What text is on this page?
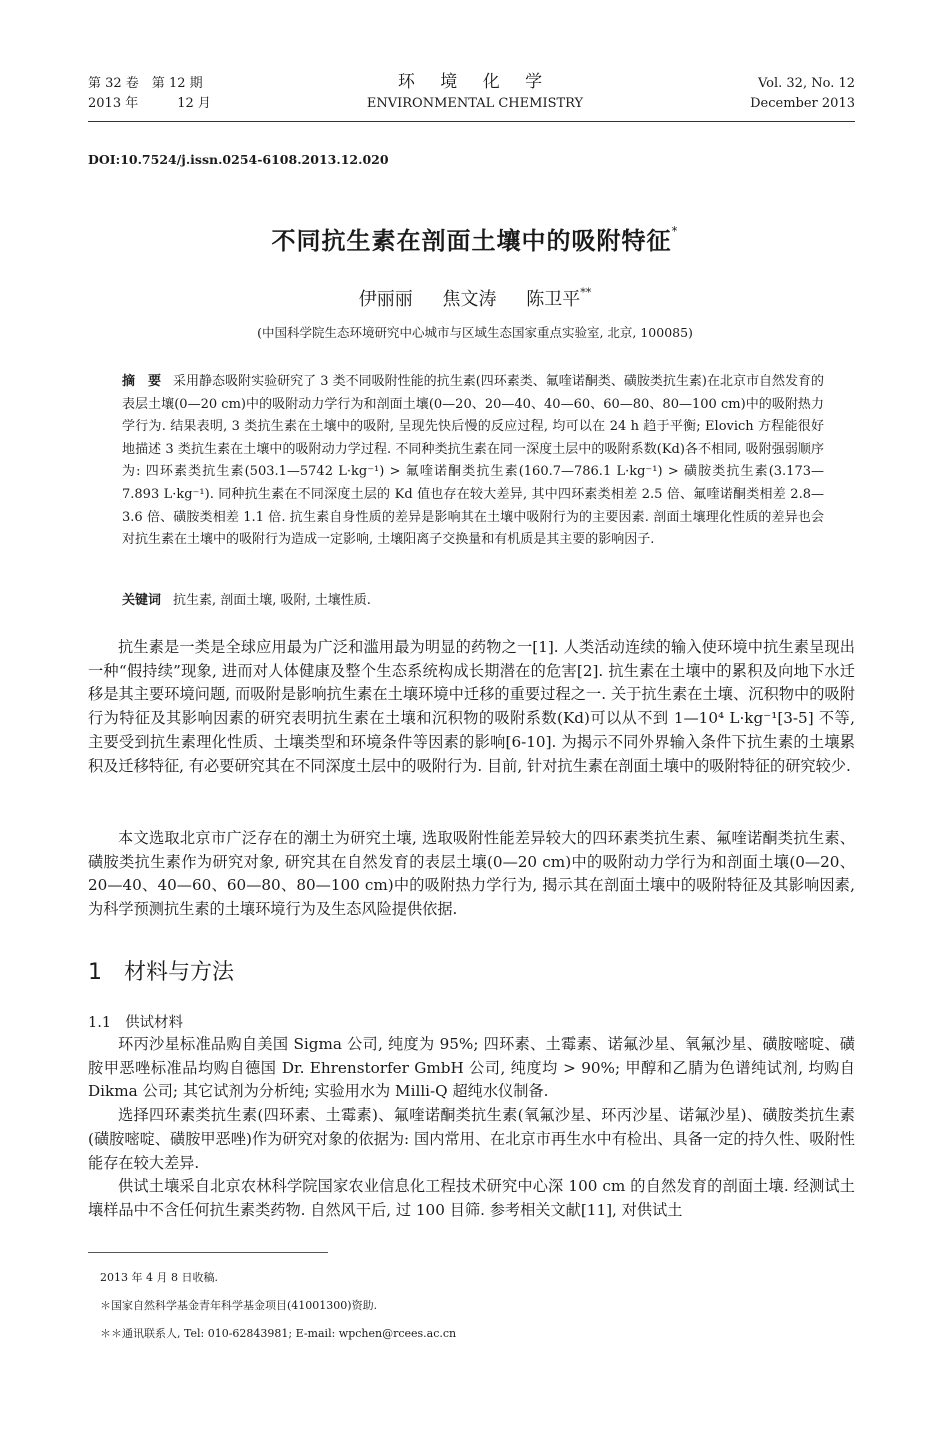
第 32 卷　第 12 期
2013 年　　　12 月
环 境 化 学
ENVIRONMENTAL CHEMISTRY
Vol. 32, No. 12
December 2013
DOI:10.7524/j.issn.0254-6108.2013.12.020
不同抗生素在剖面土壤中的吸附特征*
伊丽丽 焦文涛 陈卫平**
(中国科学院生态环境研究中心城市与区域生态国家重点实验室, 北京, 100085)
摘　要 采用静态吸附实验研究了 3 类不同吸附性能的抗生素(四环素类、氟喹诺酮类、磺胺类抗生素)在北京市自然发育的表层土壤(0—20 cm)中的吸附动力学行为和剖面土壤(0—20、20—40、40—60、60—80、80—100 cm)中的吸附热力学行为. 结果表明, 3 类抗生素在土壤中的吸附, 呈现先快后慢的反应过程, 均可以在 24 h 趋于平衡; Elovich 方程能很好地描述 3 类抗生素在土壤中的吸附动力学过程. 不同种类抗生素在同一深度土层中的吸附系数(Kd)各不相同, 吸附强弱顺序为: 四环素类抗生素(503.1—5742 L·kg⁻¹) > 氟喹诺酮类抗生素(160.7—786.1 L·kg⁻¹) > 磺胺类抗生素(3.173—7.893 L·kg⁻¹). 同种抗生素在不同深度土层的 Kd 值也存在较大差异, 其中四环素类相差 2.5 倍、氟喹诺酮类相差 2.8—3.6 倍、磺胺类相差 1.1 倍. 抗生素自身性质的差异是影响其在土壤中吸附行为的主要因素. 剖面土壤理化性质的差异也会对抗生素在土壤中的吸附行为造成一定影响, 土壤阳离子交换量和有机质是其主要的影响因子.
关键词 抗生素, 剖面土壤, 吸附, 土壤性质.

抗生素是一类是全球应用最为广泛和滥用最为明显的药物之一[1]. 人类活动连续的输入使环境中抗生素呈现出一种“假持续”现象, 进而对人体健康及整个生态系统构成长期潜在的危害[2]. 抗生素在土壤中的累积及向地下水迁移是其主要环境问题, 而吸附是影响抗生素在土壤环境中迁移的重要过程之一. 关于抗生素在土壤、沉积物中的吸附行为特征及其影响因素的研究表明抗生素在土壤和沉积物的吸附系数(Kd)可以从不到 1—10⁴ L·kg⁻¹[3-5] 不等, 主要受到抗生素理化性质、土壤类型和环境条件等因素的影响[6-10]. 为揭示不同外界输入条件下抗生素的土壤累积及迁移特征, 有必要研究其在不同深度土层中的吸附行为. 目前, 针对抗生素在剖面土壤中的吸附特征的研究较少.

本文选取北京市广泛存在的潮土为研究土壤, 选取吸附性能差异较大的四环素类抗生素、氟喹诺酮类抗生素、磺胺类抗生素作为研究对象, 研究其在自然发育的表层土壤(0—20 cm)中的吸附动力学行为和剖面土壤(0—20、20—40、40—60、60—80、80—100 cm)中的吸附热力学行为, 揭示其在剖面土壤中的吸附特征及其影响因素, 为科学预测抗生素的土壤环境行为及生态风险提供依据.

1 材料与方法
1.1 供试材料

环丙沙星标准品购自美国 Sigma 公司, 纯度为 95%; 四环素、土霉素、诺氟沙星、氧氟沙星、磺胺嘧啶、磺胺甲恶唑标准品均购自德国 Dr. Ehrenstorfer GmbH 公司, 纯度均 > 90%; 甲醇和乙腈为色谱纯试剂, 均购自 Dikma 公司; 其它试剂为分析纯; 实验用水为 Milli-Q 超纯水仪制备.

选择四环素类抗生素(四环素、土霉素)、氟喹诺酮类抗生素(氧氟沙星、环丙沙星、诺氟沙星)、磺胺类抗生素(磺胺嘧啶、磺胺甲恶唑)作为研究对象的依据为: 国内常用、在北京市再生水中有检出、具备一定的持久性、吸附性能存在较大差异.

供试土壤采自北京农林科学院国家农业信息化工程技术研究中心深 100 cm 的自然发育的剖面土壤. 经测试土壤样品中不含任何抗生素类药物. 自然风干后, 过 100 目筛. 参考相关文献[11], 对供试土

2013 年 4 月 8 日收稿.
＊国家自然科学基金青年科学基金项目(41001300)资助.
＊＊通讯联系人, Tel: 010-62843981; E-mail: wpchen@rcees.ac.cn
